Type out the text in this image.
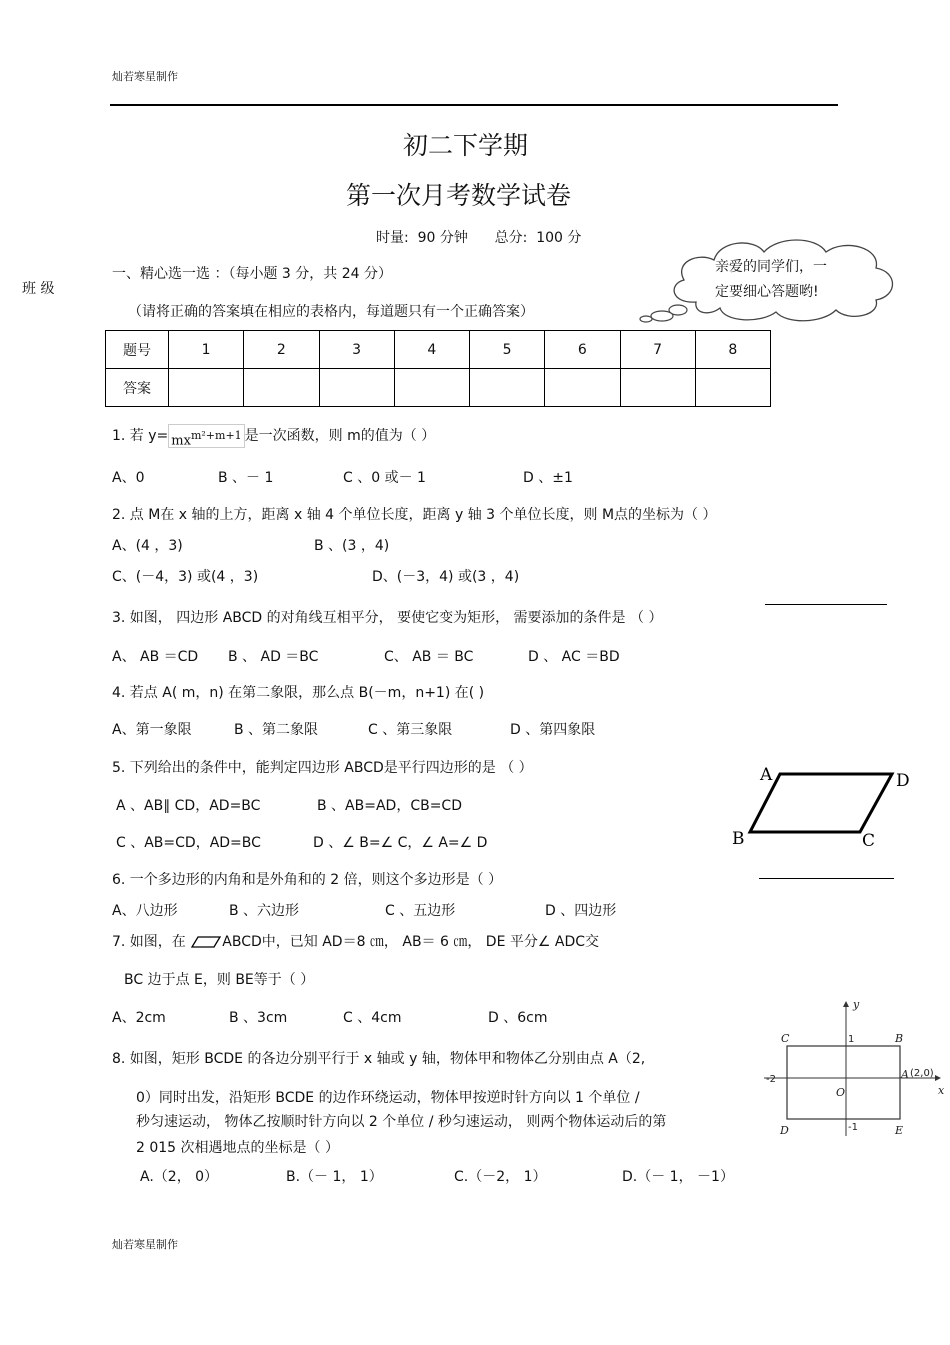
灿若寒星制作
初二下学期
第一次月考数学试卷
时量: 90 分钟 总分: 100 分
班 级
亲爱的同学们，一
定要细心答题哟!
一、精心选一选 ：（每小题 3 分，共 24 分）
（请将正确的答案填在相应的表格内，每道题只有一个正确答案）
题号	1	2	3	4	5	6	7	8
答案								
1. 若 $y= mx^{m^2+m+1}$ 是一次函数，则 m的值为（ ）
A、0	B 、－ 1	C 、0 或－ 1	D 、±1
2. 点 M在 x 轴的上方，距离 x 轴 4 个单位长度，距离 y 轴 3 个单位长度，则 M点的坐标为（ ）
A、(4 ，3)	B 、(3 ，4)
C、(－4，3) 或(4 ，3)	D、(－3，4) 或(3 ，4)
3. 如图， 四边形 ABCD 的对角线互相平分， 要使它变为矩形， 需要添加的条件是 （ ）
A、 AB ＝CD B 、 AD ＝BC	C、 AB ＝ BC	D 、 AC ＝BD
4. 若点 A( m，n) 在第二象限，那么点 B(－m，n+1) 在( )
A、第一象限	B 、第二象限	C 、第三象限	D 、第四象限
5. 下列给出的条件中，能判定四边形 ABCD是平行四边形的是 （ ）
A 、AB∥ CD，AD=BC	B 、AB=AD，CB=CD
C 、AB=CD，AD=BC	D 、∠ B=∠ C，∠ A=∠ D
A	D
B	C
6. 一个多边形的内角和是外角和的 2 倍，则这个多边形是（ ）
A、八边形	B 、六边形	C 、五边形	D 、四边形
7. 如图，在	ABCD中，已知 AD＝8 ㎝， AB＝ 6 ㎝， DE 平分∠ ADC交
BC 边于点 E，则 BE等于（ ）
A、2cm	B 、3cm	C 、4cm	D 、6cm
8. 如图，矩形 BCDE 的各边分别平行于 x 轴或 y 轴，物体甲和物体乙分别由点 A（2,
0）同时出发，沿矩形 BCDE 的边作环绕运动，物体甲按逆时针方向以 1 个单位 /
秒匀速运动， 物体乙按顺时针方向以 2 个单位 / 秒匀速运动， 则两个物体运动后的第
2 015 次相遇地点的坐标是（ ）
A.（2， 0）	B.（－ 1， 1）	C.（－2， 1）	D.（－ 1， －1）
y
x
O
C	B
D	E
A (2,0)
1
-1
-2
灿若寒星制作
